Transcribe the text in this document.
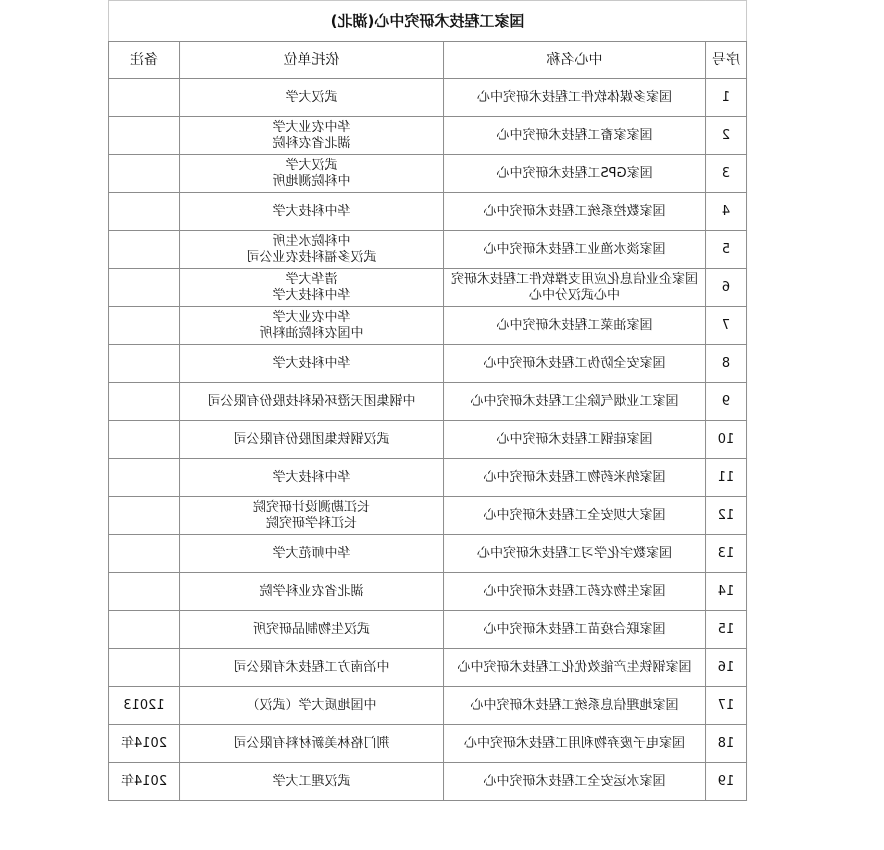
国家工程技术研究中心(湖北)			
序号	中心名称	依托单位	备注
1	国家多媒体软件工程技术研究中心	武汉大学	
2	国家家畜工程技术研究中心	华中农业大学
湖北省农科院	
3	国家GPS工程技术研究中心	武汉大学
中科院测地所	
4	国家数控系统工程技术研究中心	华中科技大学	
5	国家淡水渔业工程技术研究中心	中科院水生所
武汉多福科技农业公司	
6	国家企业信息化应用支撑软件工程技术研究中心武汉分中心	清华大学
华中科技大学	
7	国家油菜工程技术研究中心	华中农业大学
中国农科院油料所	
8	国家安全防伪工程技术研究中心	华中科技大学	
9	国家工业烟气除尘工程技术研究中心	中钢集团天澄环保科技股份有限公司	
10	国家硅钢工程技术研究中心	武汉钢铁集团股份有限公司	
11	国家纳米药物工程技术研究中心	华中科技大学	
12	国家大坝安全工程技术研究中心	长江勘测设计研究院
长江科学研究院	
13	国家数字化学习工程技术研究中心	华中师范大学	
14	国家生物农药工程技术研究中心	湖北省农业科学院	
15	国家联合疫苗工程技术研究中心	武汉生物制品研究所	
16	国家钢铁生产能效优化工程技术研究中心	中冶南方工程技术有限公司	
17	国家地理信息系统工程技术研究中心	中国地质大学（武汉）	12013
18	国家电子废弃物利用工程技术研究中心	荆门格林美新材料有限公司	2014年
19	国家水运安全工程技术研究中心	武汉理工大学	2014年
